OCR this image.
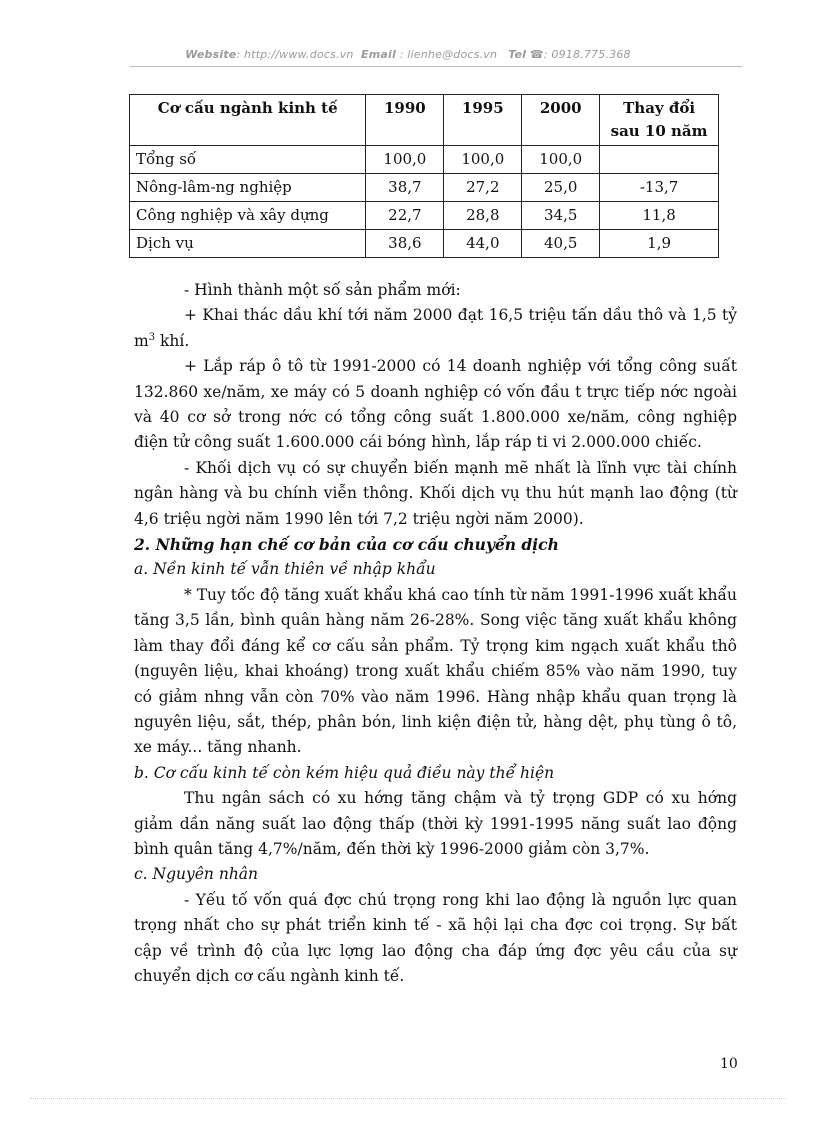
Website: http://www.docs.vn Email : lienhe@docs.vn Tel ☎: 0918.775.368
Cơ cấu ngành kinh tế	1990	1995	2000	Thay đổi sau 10 năm
Tổng số	100,0	100,0	100,0	
Nông-lâm-ng nghiệp	38,7	27,2	25,0	-13,7
Công nghiệp và xây dựng	22,7	28,8	34,5	11,8
Dịch vụ	38,6	44,0	40,5	1,9

- Hình thành một số sản phẩm mới:

+ Khai thác dầu khí tới năm 2000 đạt 16,5 triệu tấn dầu thô và 1,5 tỷ $m^3$ khí.

+ Lắp ráp ô tô từ 1991-2000 có 14 doanh nghiệp với tổng công suất 132.860 xe/năm, xe máy có 5 doanh nghiệp có vốn đầu t trực tiếp nớc ngoài và 40 cơ sở trong nớc có tổng công suất 1.800.000 xe/năm, công nghiệp điện tử công suất 1.600.000 cái bóng hình, lắp ráp ti vi 2.000.000 chiếc.

- Khối dịch vụ có sự chuyển biến mạnh mẽ nhất là lĩnh vực tài chính ngân hàng và bu chính viễn thông. Khối dịch vụ thu hút mạnh lao động (từ 4,6 triệu ngời năm 1990 lên tới 7,2 triệu ngời năm 2000).

2. Những hạn chế cơ bản của cơ cấu chuyển dịch

a. Nền kinh tế vẫn thiên về nhập khẩu

* Tuy tốc độ tăng xuất khẩu khá cao tính từ năm 1991-1996 xuất khẩu tăng 3,5 lần, bình quân hàng năm 26-28%. Song việc tăng xuất khẩu không làm thay đổi đáng kể cơ cấu sản phẩm. Tỷ trọng kim ngạch xuất khẩu thô (nguyên liệu, khai khoáng) trong xuất khẩu chiếm 85% vào năm 1990, tuy có giảm nhng vẫn còn 70% vào năm 1996. Hàng nhập khẩu quan trọng là nguyên liệu, sắt, thép, phân bón, linh kiện điện tử, hàng dệt, phụ tùng ô tô, xe máy... tăng nhanh.

b. Cơ cấu kinh tế còn kém hiệu quả điều này thể hiện

Thu ngân sách có xu hớng tăng chậm và tỷ trọng GDP có xu hớng giảm dần năng suất lao động thấp (thời kỳ 1991-1995 năng suất lao động bình quân tăng 4,7%/năm, đến thời kỳ 1996-2000 giảm còn 3,7%.

c. Nguyên nhân

- Yếu tố vốn quá đợc chú trọng rong khi lao động là nguồn lực quan trọng nhất cho sự phát triển kinh tế - xã hội lại cha đợc coi trọng. Sự bất cập về trình độ của lực lợng lao động cha đáp ứng đợc yêu cầu của sự chuyển dịch cơ cấu ngành kinh tế.

10
